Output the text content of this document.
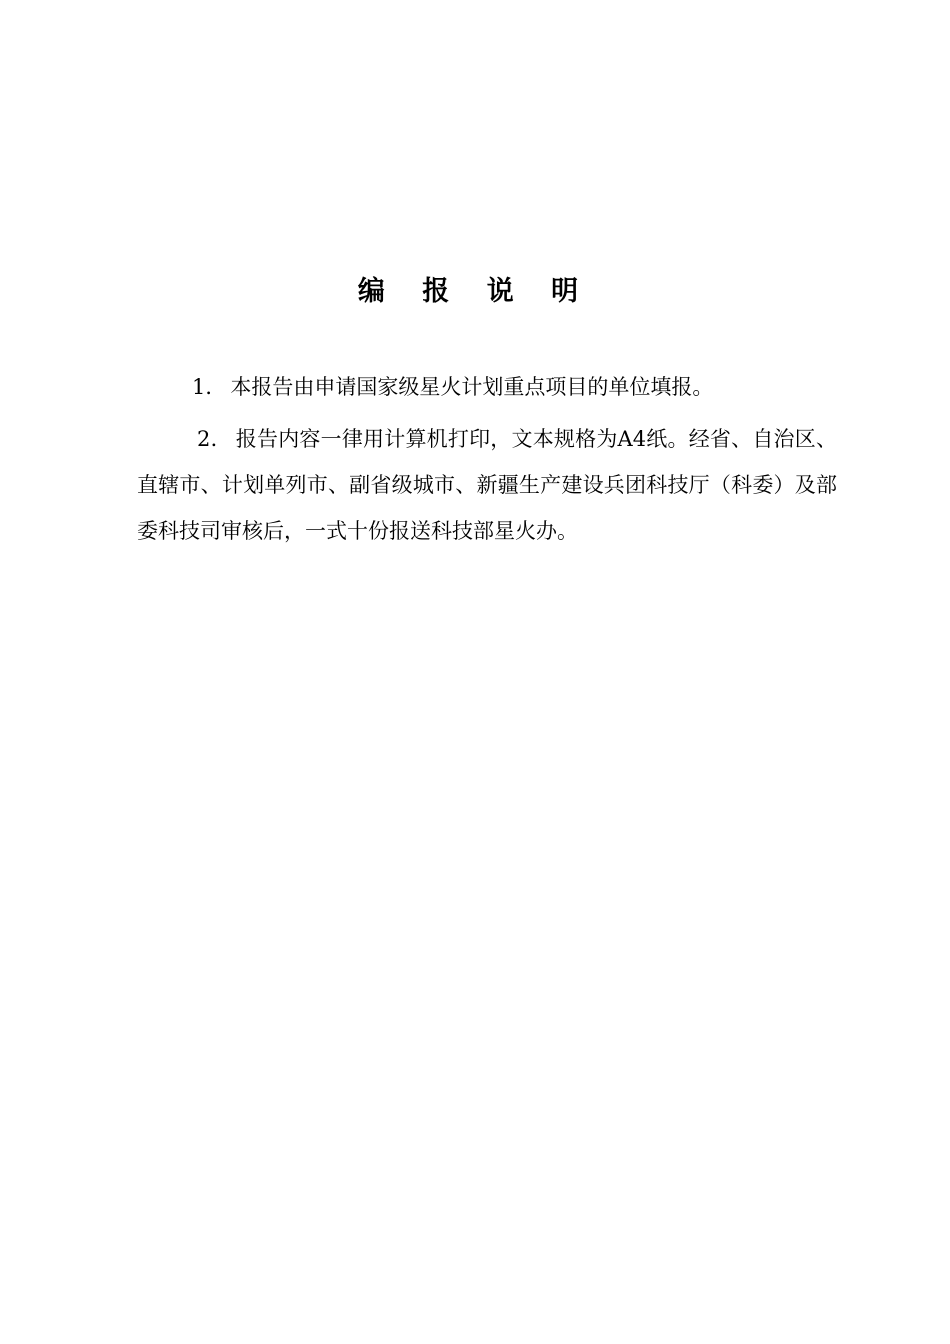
编 报 说 明

1． 本报告由申请国家级星火计划重点项目的单位填报。

2． 报告内容一律用计算机打印，文本规格为A4纸。经省、自治区、直辖市、计划单列市、副省级城市、新疆生产建设兵团科技厅（科委）及部委科技司审核后，一式十份报送科技部星火办。
